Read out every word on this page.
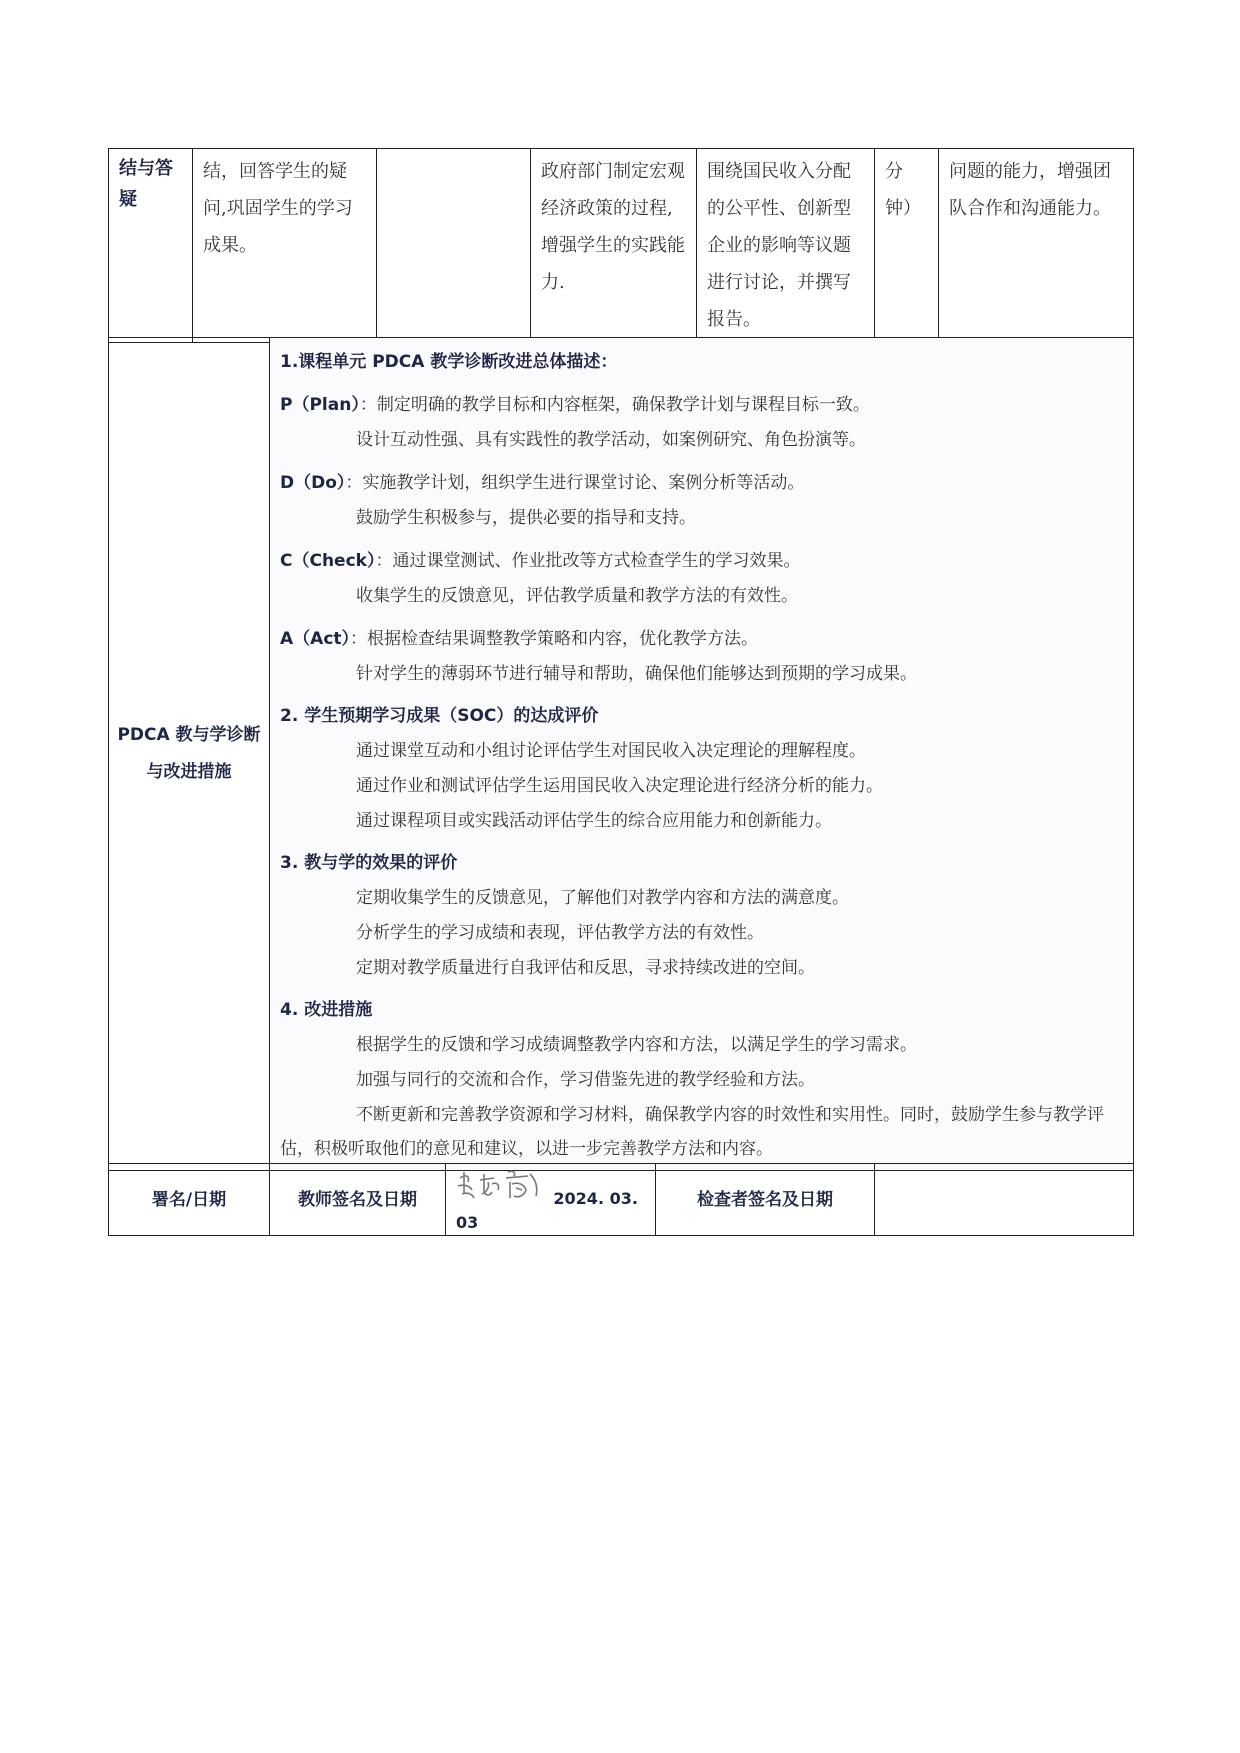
结与答疑	结，回答学生的疑问,巩固学生的学习成果。		政府部门制定宏观经济政策的过程,增强学生的实践能力.	围绕国民收入分配的公平性、创新型企业的影响等议题进行讨论，并撰写报告。	分钟）	问题的能力，增强团队合作和沟通能力。
PDCA 教与学诊断与改进措施	

1.课程单元 PDCA 教学诊断改进总体描述：

P（Plan）：制定明确的教学目标和内容框架，确保教学计划与课程目标一致。

设计互动性强、具有实践性的教学活动，如案例研究、角色扮演等。

D（Do）：实施教学计划，组织学生进行课堂讨论、案例分析等活动。

鼓励学生积极参与，提供必要的指导和支持。

C（Check）：通过课堂测试、作业批改等方式检查学生的学习效果。

收集学生的反馈意见，评估教学质量和教学方法的有效性。

A（Act）：根据检查结果调整教学策略和内容，优化教学方法。

针对学生的薄弱环节进行辅导和帮助，确保他们能够达到预期的学习成果。

2. 学生预期学习成果（SOC）的达成评价

通过课堂互动和小组讨论评估学生对国民收入决定理论的理解程度。

通过作业和测试评估学生运用国民收入决定理论进行经济分析的能力。

通过课程项目或实践活动评估学生的综合应用能力和创新能力。

3. 教与学的效果的评价

定期收集学生的反馈意见，了解他们对教学内容和方法的满意度。

分析学生的学习成绩和表现，评估教学方法的有效性。

定期对教学质量进行自我评估和反思，寻求持续改进的空间。

4. 改进措施

根据学生的反馈和学习成绩调整教学内容和方法，以满足学生的学习需求。

加强与同行的交流和合作，学习借鉴先进的教学经验和方法。

不断更新和完善教学资源和学习材料，确保教学内容的时效性和实用性。同时，鼓励学生参与教学评估，积极听取他们的意见和建议，以进一步完善教学方法和内容。

署名/日期	教师签名及日期	2024. 03. 03	检查者签名及日期	
